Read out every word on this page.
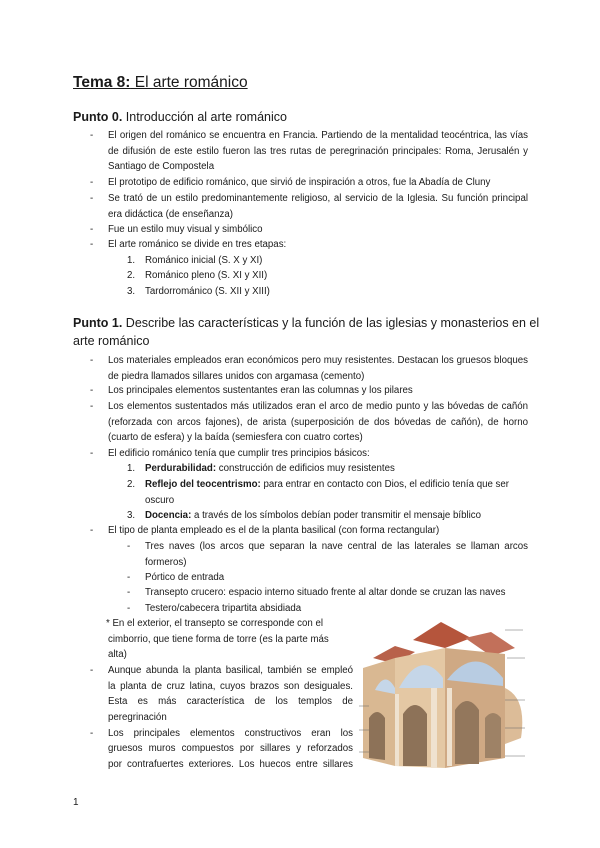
Tema 8: El arte románico
Punto 0. Introducción al arte románico
- El origen del románico se encuentra en Francia. Partiendo de la mentalidad teocéntrica, las vías de difusión de este estilo fueron las tres rutas de peregrinación principales: Roma, Jerusalén y Santiago de Compostela
- El prototipo de edificio románico, que sirvió de inspiración a otros, fue la Abadía de Cluny
- Se trató de un estilo predominantemente religioso, al servicio de la Iglesia. Su función principal era didáctica (de enseñanza)
- Fue un estilo muy visual y simbólico
- El arte románico se divide en tres etapas:
1. Románico inicial (S. X y XI)
2. Románico pleno (S. XI y XII)
3. Tardorrománico (S. XII y XIII)
Punto 1. Describe las características y la función de las iglesias y monasterios en el
arte románico
- Los materiales empleados eran económicos pero muy resistentes. Destacan los gruesos bloques de piedra llamados sillares unidos con argamasa (cemento)
- Los principales elementos sustentantes eran las columnas y los pilares
- Los elementos sustentados más utilizados eran el arco de medio punto y las bóvedas de cañón (reforzada con arcos fajones), de arista (superposición de dos bóvedas de cañón), de horno (cuarto de esfera) y la baída (semiesfera con cuatro cortes)
- El edificio románico tenía que cumplir tres principios básicos:
1. Perdurabilidad: construcción de edificios muy resistentes
2. Reflejo del teocentrismo: para entrar en contacto con Dios, el edificio tenía que ser oscuro
3. Docencia: a través de los símbolos debían poder transmitir el mensaje bíblico
- El tipo de planta empleado es el de la planta basilical (con forma rectangular)
- Tres naves (los arcos que separan la nave central de las laterales se llaman arcos formeros)
- Pórtico de entrada
- Transepto crucero: espacio interno situado frente al altar donde se cruzan las naves
- Testero/cabecera tripartita absidiada
* En el exterior, el transepto se corresponde con el
cimborrio, que tiene forma de torre (es la parte más
alta)
- Aunque abunda la planta basilical, también se empleó
la planta de cruz latina, cuyos brazos son desiguales.
Esta es más característica de los templos de
peregrinación
- Los principales elementos constructivos eran los
gruesos muros compuestos por sillares y reforzados
por contrafuertes exteriores. Los huecos entre sillares
1
